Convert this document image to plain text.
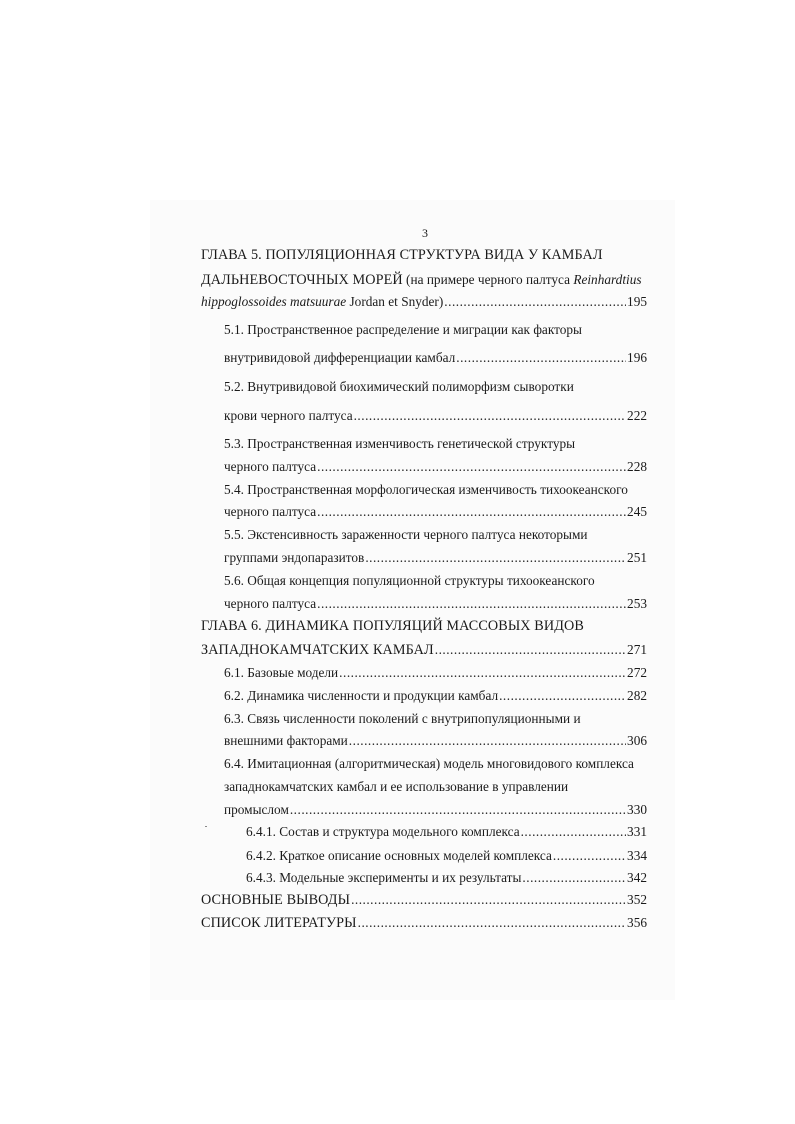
3
ГЛАВА 5. ПОПУЛЯЦИОННАЯ СТРУКТУРА ВИДА У КАМБАЛ
ДАЛЬНЕВОСТОЧНЫХ МОРЕЙ (на примере черного палтуса Reinhardtius
hippoglossoides matsuurae Jordan et Snyder) .....	195
5.1. Пространственное распределение и миграции как факторы
внутривидовой дифференциации камбал .....	196
5.2. Внутривидовой биохимический полиморфизм сыворотки
крови черного палтуса .....	222
5.3. Пространственная изменчивость генетической структуры
черного палтуса .....	228
5.4. Пространственная морфологическая изменчивость тихоокеанского
черного палтуса .....	245
5.5. Экстенсивность зараженности черного палтуса некоторыми
группами эндопаразитов .....	251
5.6. Общая концепция популяционной структуры тихоокеанского
черного палтуса .....	253
ГЛАВА 6. ДИНАМИКА ПОПУЛЯЦИЙ МАССОВЫХ ВИДОВ
ЗАПАДНОКАМЧАТСКИХ КАМБАЛ .....	271
6.1. Базовые модели .....	272
6.2. Динамика численности и продукции камбал .....	282
6.3. Связь численности поколений с внутрипопуляционными и
внешними факторами .....	306
6.4. Имитационная (алгоритмическая) модель многовидового комплекса
западнокамчатских камбал и ее использование в управлении
промыслом .....	330
6.4.1. Состав и структура модельного комплекса .....	331
6.4.2. Краткое описание основных моделей комплекса .....	334
6.4.3. Модельные эксперименты и их результаты .....	342
ОСНОВНЫЕ ВЫВОДЫ .....	352
СПИСОК ЛИТЕРАТУРЫ .....	356
